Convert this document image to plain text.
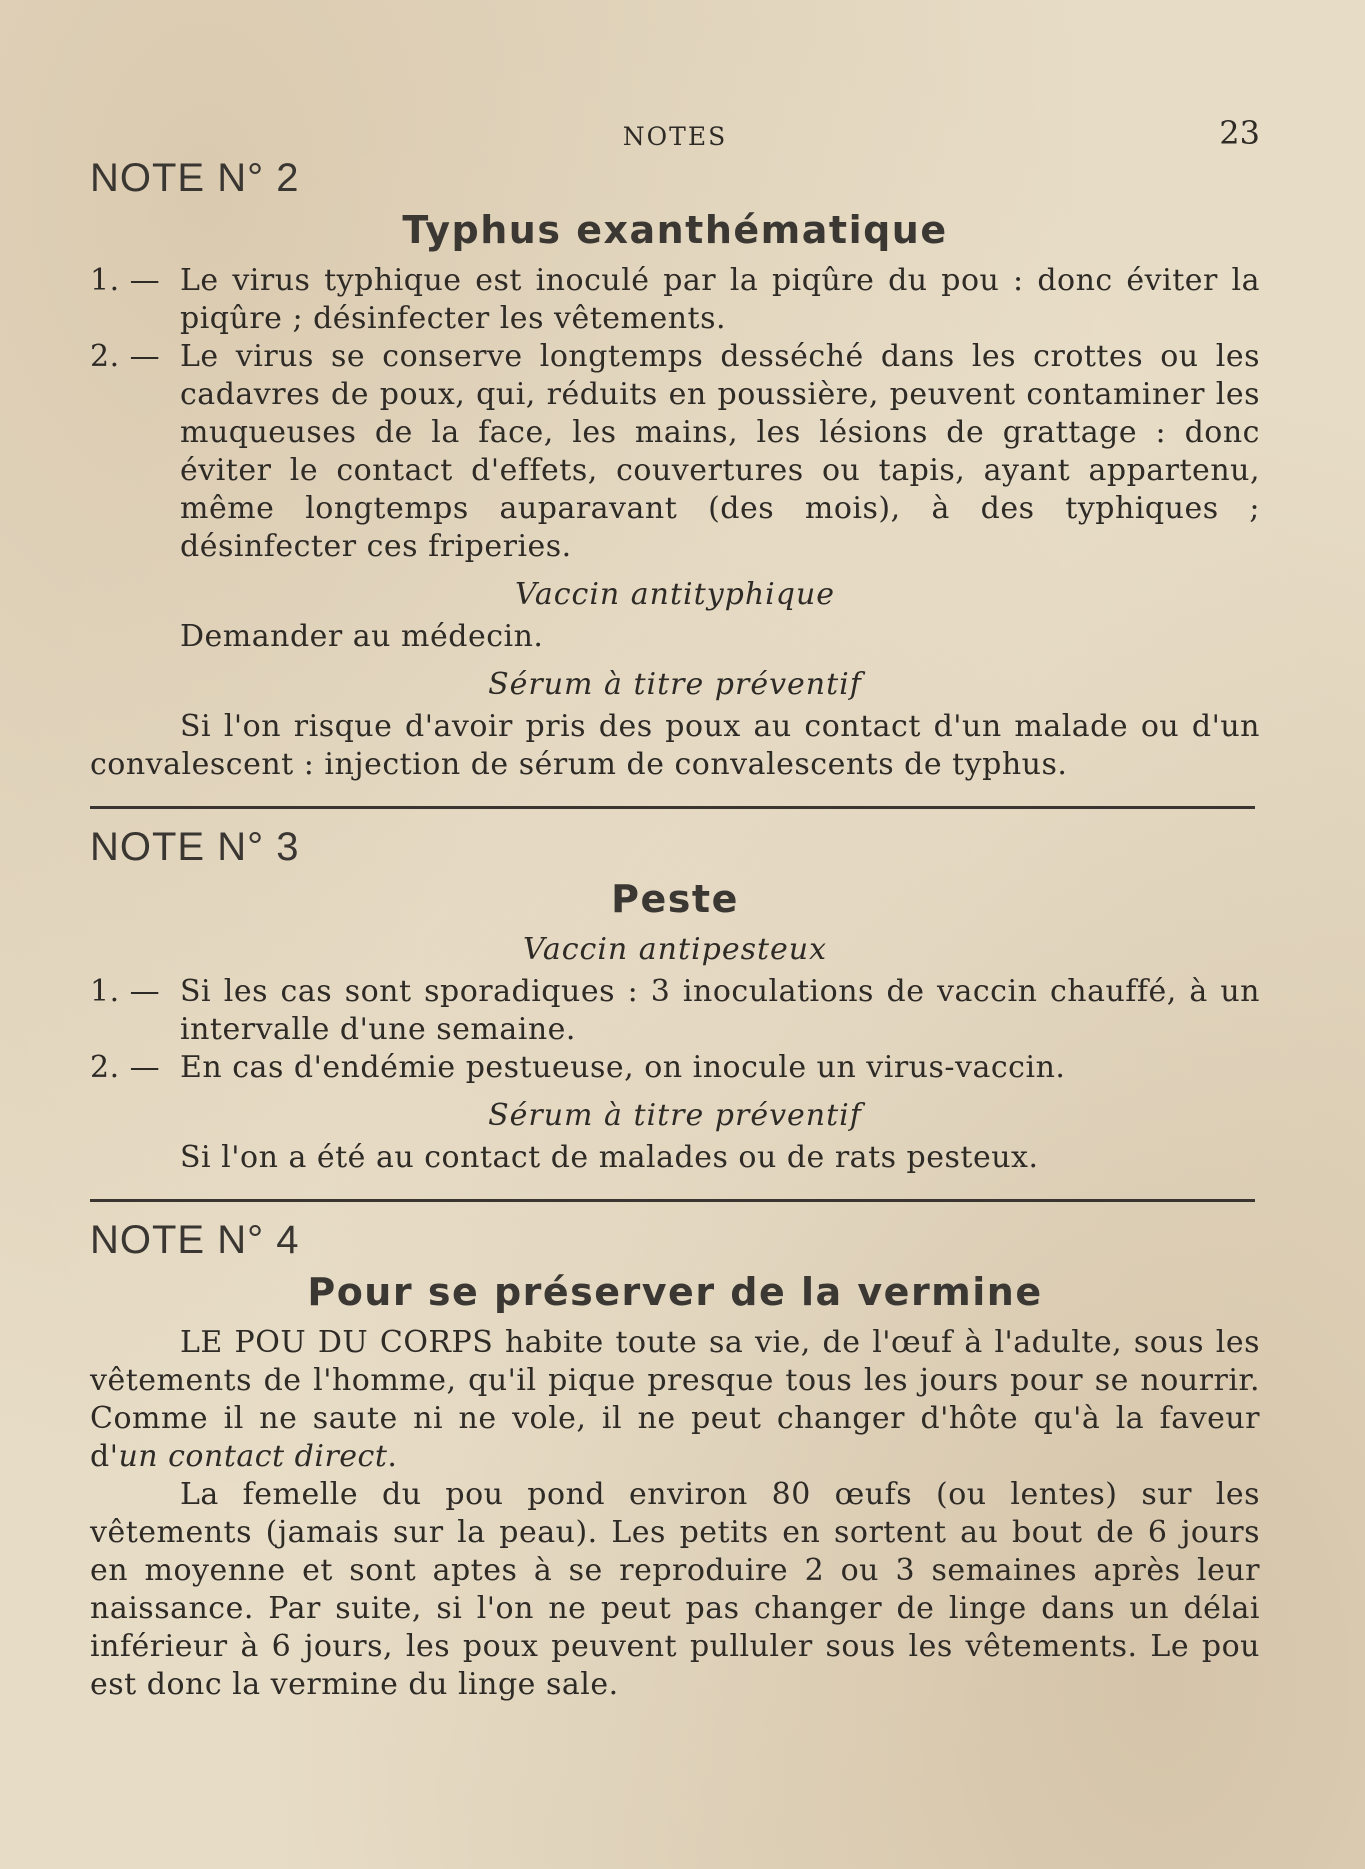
NOTES	23
NOTE N° 2
Typhus exanthématique
1. — Le virus typhique est inoculé par la piqûre du pou : donc éviter la piqûre ; désinfecter les vêtements.
2. — Le virus se conserve longtemps desséché dans les crottes ou les cadavres de poux, qui, réduits en poussière, peuvent contaminer les muqueuses de la face, les mains, les lésions de grattage : donc éviter le contact d'effets, couvertures ou tapis, ayant appartenu, même longtemps auparavant (des mois), à des typhiques ; désinfecter ces friperies.
Vaccin antityphique
Demander au médecin.
Sérum à titre préventif
Si l'on risque d'avoir pris des poux au contact d'un malade ou d'un convalescent : injection de sérum de convalescents de typhus.
NOTE N° 3
Peste
Vaccin antipesteux
1. — Si les cas sont sporadiques : 3 inoculations de vaccin chauffé, à un intervalle d'une semaine.
2. — En cas d'endémie pestueuse, on inocule un virus-vaccin.
Sérum à titre préventif
Si l'on a été au contact de malades ou de rats pesteux.
NOTE N° 4
Pour se préserver de la vermine
LE POU DU CORPS habite toute sa vie, de l'œuf à l'adulte, sous les vêtements de l'homme, qu'il pique presque tous les jours pour se nourrir. Comme il ne saute ni ne vole, il ne peut changer d'hôte qu'à la faveur d'un contact direct.
La femelle du pou pond environ 80 œufs (ou lentes) sur les vêtements (jamais sur la peau). Les petits en sortent au bout de 6 jours en moyenne et sont aptes à se reproduire 2 ou 3 semaines après leur naissance. Par suite, si l'on ne peut pas changer de linge dans un délai inférieur à 6 jours, les poux peuvent pulluler sous les vêtements. Le pou est donc la vermine du linge sale.
